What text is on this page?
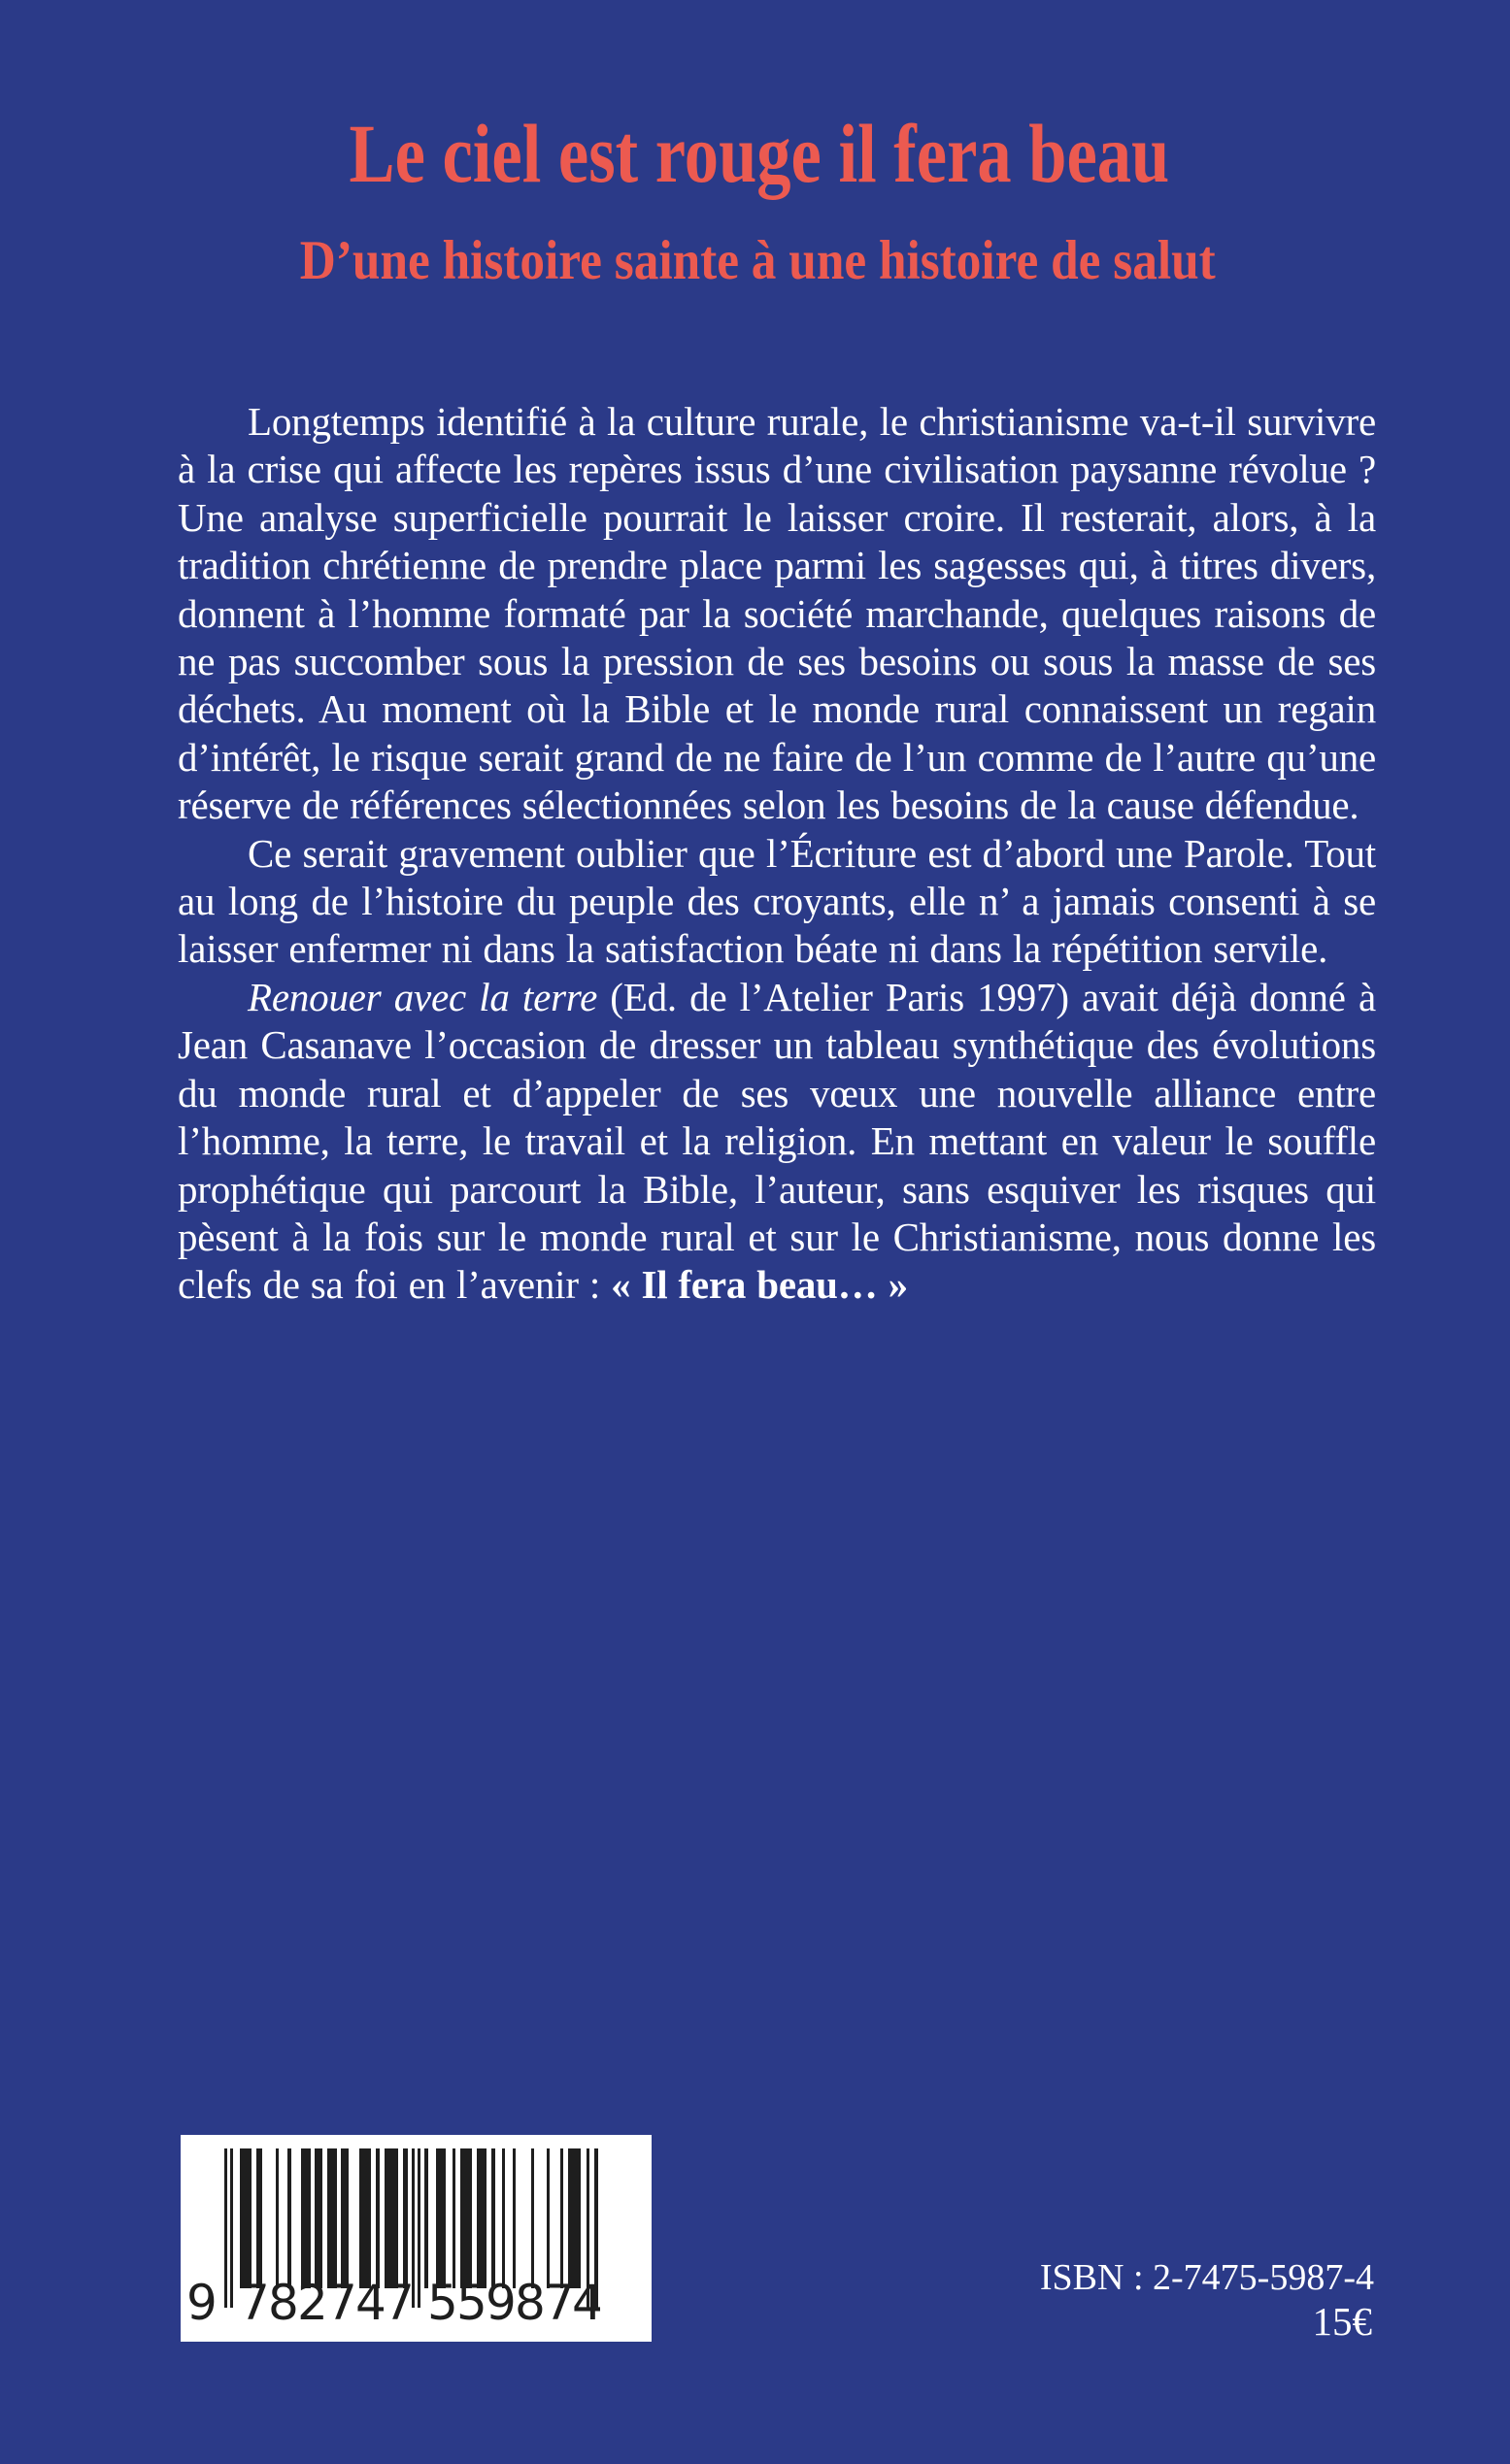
Le ciel est rouge il fera beau
D’une histoire sainte à une histoire de salut

Longtemps identifié à la culture rurale, le christianisme va-t-il survivre à la crise qui affecte les repères issus d’une civilisation paysanne révolue ? Une analyse superficielle pourrait le laisser croire. Il resterait, alors, à la tradition chrétienne de prendre place parmi les sagesses qui, à titres divers, donnent à l’homme formaté par la société marchande, quelques raisons de ne pas succomber sous la pression de ses besoins ou sous la masse de ses déchets. Au moment où la Bible et le monde rural connaissent un regain d’intérêt, le risque serait grand de ne faire de l’un comme de l’autre qu’une réserve de références sélectionnées selon les besoins de la cause défendue.

Ce serait gravement oublier que l’Écriture est d’abord une Parole. Tout au long de l’histoire du peuple des croyants, elle n’ a jamais consenti à se laisser enfermer ni dans la satisfaction béate ni dans la répétition servile.

Renouer avec la terre (Ed. de l’Atelier Paris 1997) avait déjà donné à Jean Casanave l’occasion de dresser un tableau synthétique des évolutions du monde rural et d’appeler de ses vœux une nouvelle alliance entre l’homme, la terre, le travail et la religion. En mettant en valeur le souffle prophétique qui parcourt la Bible, l’auteur, sans esquiver les risques qui pèsent à la fois sur le monde rural et sur le Christianisme, nous donne les clefs de sa foi en l’avenir : « Il fera beau… »

9 7
8
2
7
4
7 5
5
9
8
7
4	ISBN : 2-7475-5987-4
15€
